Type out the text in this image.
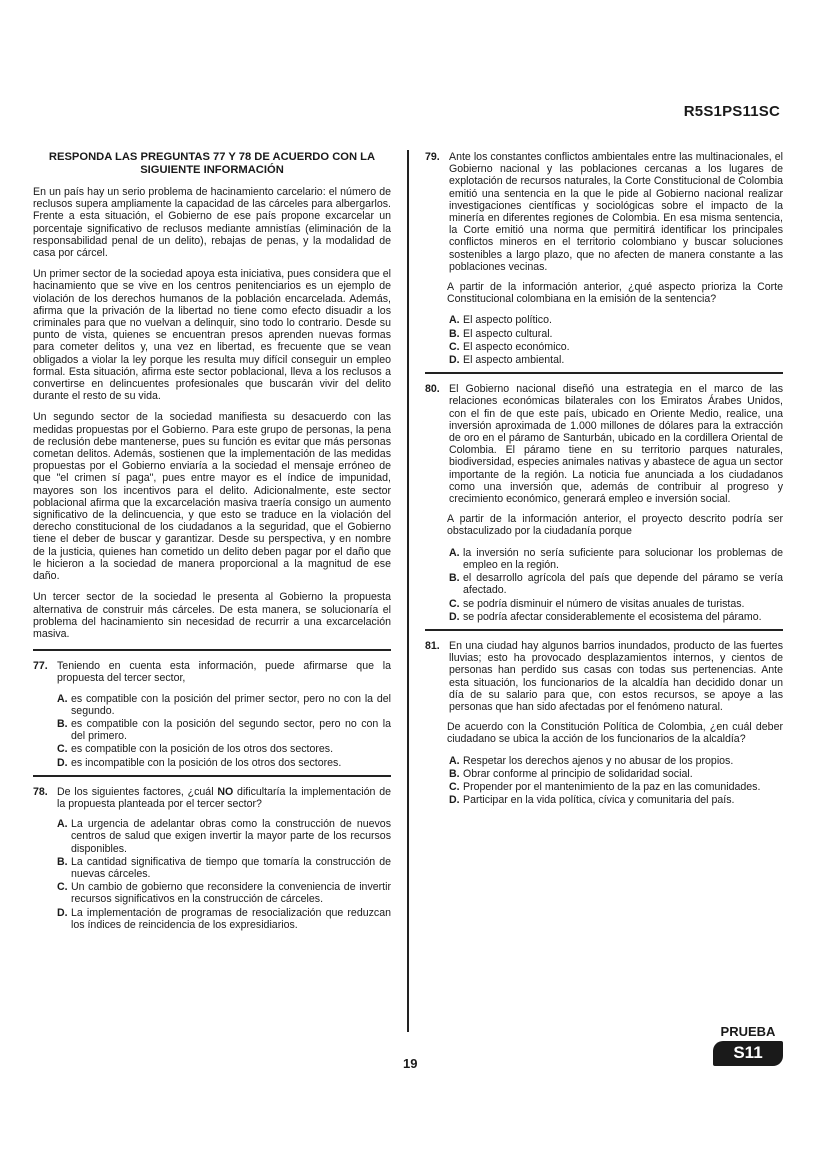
R5S1PS11SC
RESPONDA LAS PREGUNTAS 77 Y 78 DE ACUERDO CON LA SIGUIENTE INFORMACIÓN

En un país hay un serio problema de hacinamiento carcelario: el número de reclusos supera ampliamente la capacidad de las cárceles para albergarlos. Frente a esta situación, el Gobierno de ese país propone excarcelar un porcentaje significativo de reclusos mediante amnistías (eliminación de la responsabilidad penal de un delito), rebajas de penas, y la modalidad de casa por cárcel.

Un primer sector de la sociedad apoya esta iniciativa, pues considera que el hacinamiento que se vive en los centros penitenciarios es un ejemplo de violación de los derechos humanos de la población encarcelada. Además, afirma que la privación de la libertad no tiene como efecto disuadir a los criminales para que no vuelvan a delinquir, sino todo lo contrario. Desde su punto de vista, quienes se encuentran presos aprenden nuevas formas para cometer delitos y, una vez en libertad, es frecuente que se vean obligados a violar la ley porque les resulta muy difícil conseguir un empleo formal. Esta situación, afirma este sector poblacional, lleva a los reclusos a convertirse en delincuentes profesionales que buscarán vivir del delito durante el resto de su vida.

Un segundo sector de la sociedad manifiesta su desacuerdo con las medidas propuestas por el Gobierno. Para este grupo de personas, la pena de reclusión debe mantenerse, pues su función es evitar que más personas cometan delitos. Además, sostienen que la implementación de las medidas propuestas por el Gobierno enviaría a la sociedad el mensaje erróneo de que "el crimen sí paga", pues entre mayor es el índice de impunidad, mayores son los incentivos para el delito. Adicionalmente, este sector poblacional afirma que la excarcelación masiva traería consigo un aumento significativo de la delincuencia, y que esto se traduce en la violación del derecho constitucional de los ciudadanos a la seguridad, que el Gobierno tiene el deber de buscar y garantizar. Desde su perspectiva, y en nombre de la justicia, quienes han cometido un delito deben pagar por el daño que le hicieron a la sociedad de manera proporcional a la magnitud de ese daño.

Un tercer sector de la sociedad le presenta al Gobierno la propuesta alternativa de construir más cárceles. De esta manera, se solucionaría el problema del hacinamiento sin necesidad de recurrir a una excarcelación masiva.

77. Teniendo en cuenta esta información, puede afirmarse que la propuesta del tercer sector,
A. es compatible con la posición del primer sector, pero no con la del segundo.
B. es compatible con la posición del segundo sector, pero no con la del primero.
C. es compatible con la posición de los otros dos sectores.
D. es incompatible con la posición de los otros dos sectores.
78. De los siguientes factores, ¿cuál NO dificultaría la implementación de la propuesta planteada por el tercer sector?
A. La urgencia de adelantar obras como la construcción de nuevos centros de salud que exigen invertir la mayor parte de los recursos disponibles.
B. La cantidad significativa de tiempo que tomaría la construcción de nuevas cárceles.
C. Un cambio de gobierno que reconsidere la conveniencia de invertir recursos significativos en la construcción de cárceles.
D. La implementación de programas de resocialización que reduzcan los índices de reincidencia de los expresidiarios.
79. Ante los constantes conflictos ambientales entre las multinacionales, el Gobierno nacional y las poblaciones cercanas a los lugares de explotación de recursos naturales, la Corte Constitucional de Colombia emitió una sentencia en la que le pide al Gobierno nacional realizar investigaciones científicas y sociológicas sobre el impacto de la minería en diferentes regiones de Colombia. En esa misma sentencia, la Corte emitió una norma que permitirá identificar los principales conflictos mineros en el territorio colombiano y buscar soluciones sostenibles a largo plazo, que no afecten de manera constante a las poblaciones vecinas.
A partir de la información anterior, ¿qué aspecto prioriza la Corte Constitucional colombiana en la emisión de la sentencia?
A. El aspecto político.
B. El aspecto cultural.
C. El aspecto económico.
D. El aspecto ambiental.
80. El Gobierno nacional diseñó una estrategia en el marco de las relaciones económicas bilaterales con los Emiratos Árabes Unidos, con el fin de que este país, ubicado en Oriente Medio, realice, una inversión aproximada de 1.000 millones de dólares para la extracción de oro en el páramo de Santurbán, ubicado en la cordillera Oriental de Colombia. El páramo tiene en su territorio parques naturales, biodiversidad, especies animales nativas y abastece de agua un sector importante de la región. La noticia fue anunciada a los ciudadanos como una inversión que, además de contribuir al progreso y crecimiento económico, generará empleo e inversión social.
A partir de la información anterior, el proyecto descrito podría ser obstaculizado por la ciudadanía porque
A. la inversión no sería suficiente para solucionar los problemas de empleo en la región.
B. el desarrollo agrícola del país que depende del páramo se vería afectado.
C. se podría disminuir el número de visitas anuales de turistas.
D. se podría afectar considerablemente el ecosistema del páramo.
81. En una ciudad hay algunos barrios inundados, producto de las fuertes lluvias; esto ha provocado desplazamientos internos, y cientos de personas han perdido sus casas con todas sus pertenencias. Ante esta situación, los funcionarios de la alcaldía han decidido donar un día de su salario para que, con estos recursos, se apoye a las personas que han sido afectadas por el fenómeno natural.
De acuerdo con la Constitución Política de Colombia, ¿en cuál deber ciudadano se ubica la acción de los funcionarios de la alcaldía?
A. Respetar los derechos ajenos y no abusar de los propios.
B. Obrar conforme al principio de solidaridad social.
C. Propender por el mantenimiento de la paz en las comunidades.
D. Participar en la vida política, cívica y comunitaria del país.
19
PRUEBA
S11
